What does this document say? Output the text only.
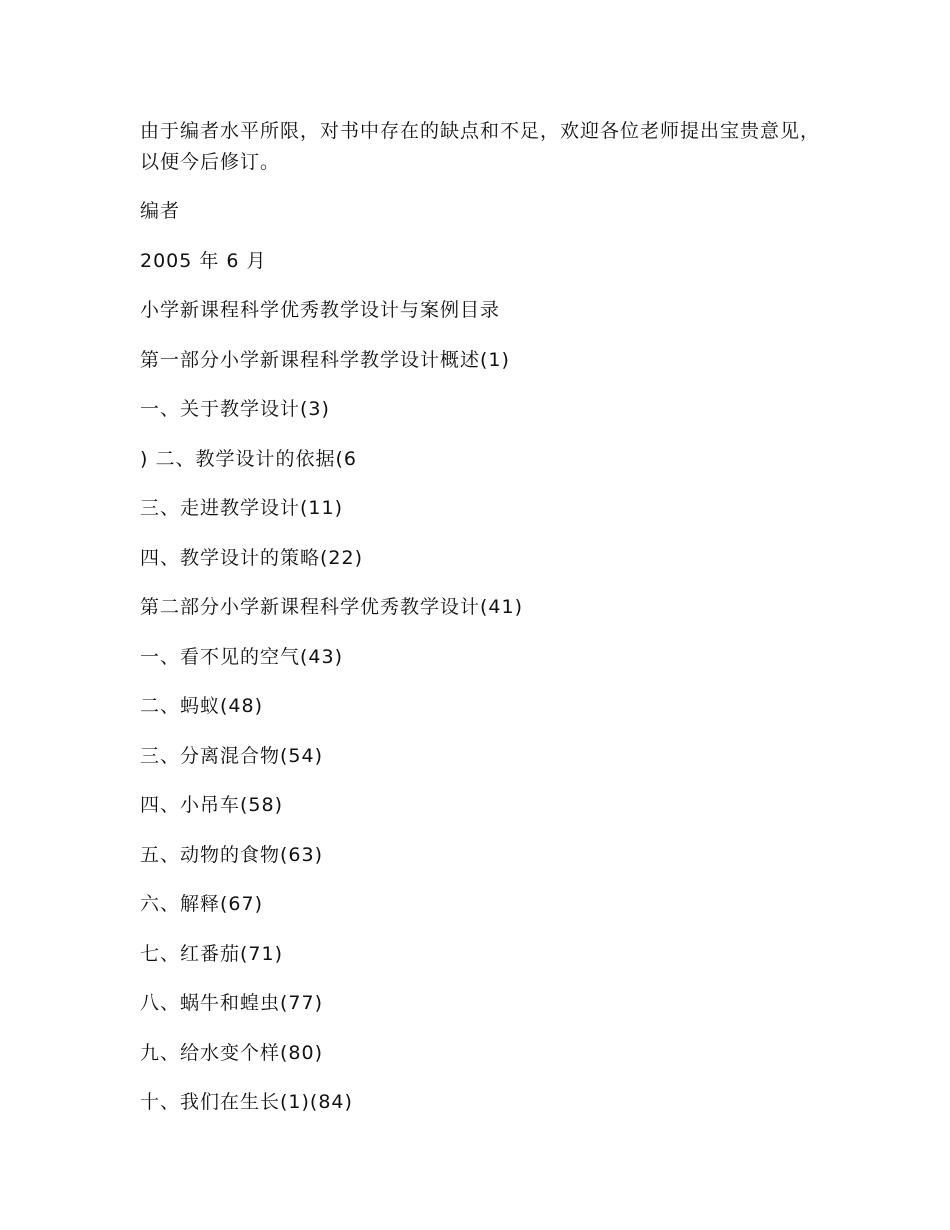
由于编者水平所限，对书中存在的缺点和不足，欢迎各位老师提出宝贵意见，以便今后修订。

编者

2005 年 6 月

小学新课程科学优秀教学设计与案例目录

第一部分小学新课程科学教学设计概述(1)

一、关于教学设计(3)

) 二、教学设计的依据(6

三、走进教学设计(11)

四、教学设计的策略(22)

第二部分小学新课程科学优秀教学设计(41)

一、看不见的空气(43)

二、蚂蚁(48)

三、分离混合物(54)

四、小吊车(58)

五、动物的食物(63)

六、解释(67)

七、红番茄(71)

八、蜗牛和蝗虫(77)

九、给水变个样(80)

十、我们在生长(1)(84)
